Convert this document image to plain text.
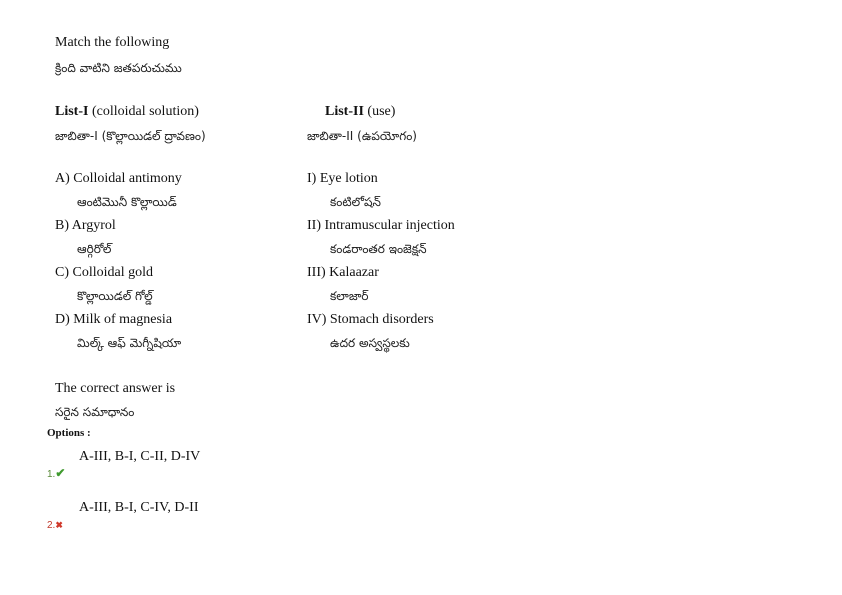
Match the following
క్రింది వాటిని జతపరుచుము
List-I (colloidal solution)
జాబితా-I (కొల్లాయిడల్ ద్రావణం)
List-II (use)
జాబితా-II (ఉపయోగం)
A) Colloidal antimony
ఆంటిమొనీ కొల్లాయిడ్
B) Argyrol
ఆర్గిరోల్
C) Colloidal gold
కొల్లాయిడల్ గోల్డ్
D) Milk of magnesia
మిల్క్ ఆఫ్ మెగ్నీషియా
I) Eye lotion
కంటిలోషన్
II) Intramuscular injection
కండరాంతర ఇంజెక్షన్
III) Kalaazar
కలాజార్
IV) Stomach disorders
ఉదర అస్వస్థలకు
The correct answer is
సరైన సమాధానం
Options :
A-III, B-I, C-II, D-IV
1.✔
A-III, B-I, C-IV, D-II
2.✖
